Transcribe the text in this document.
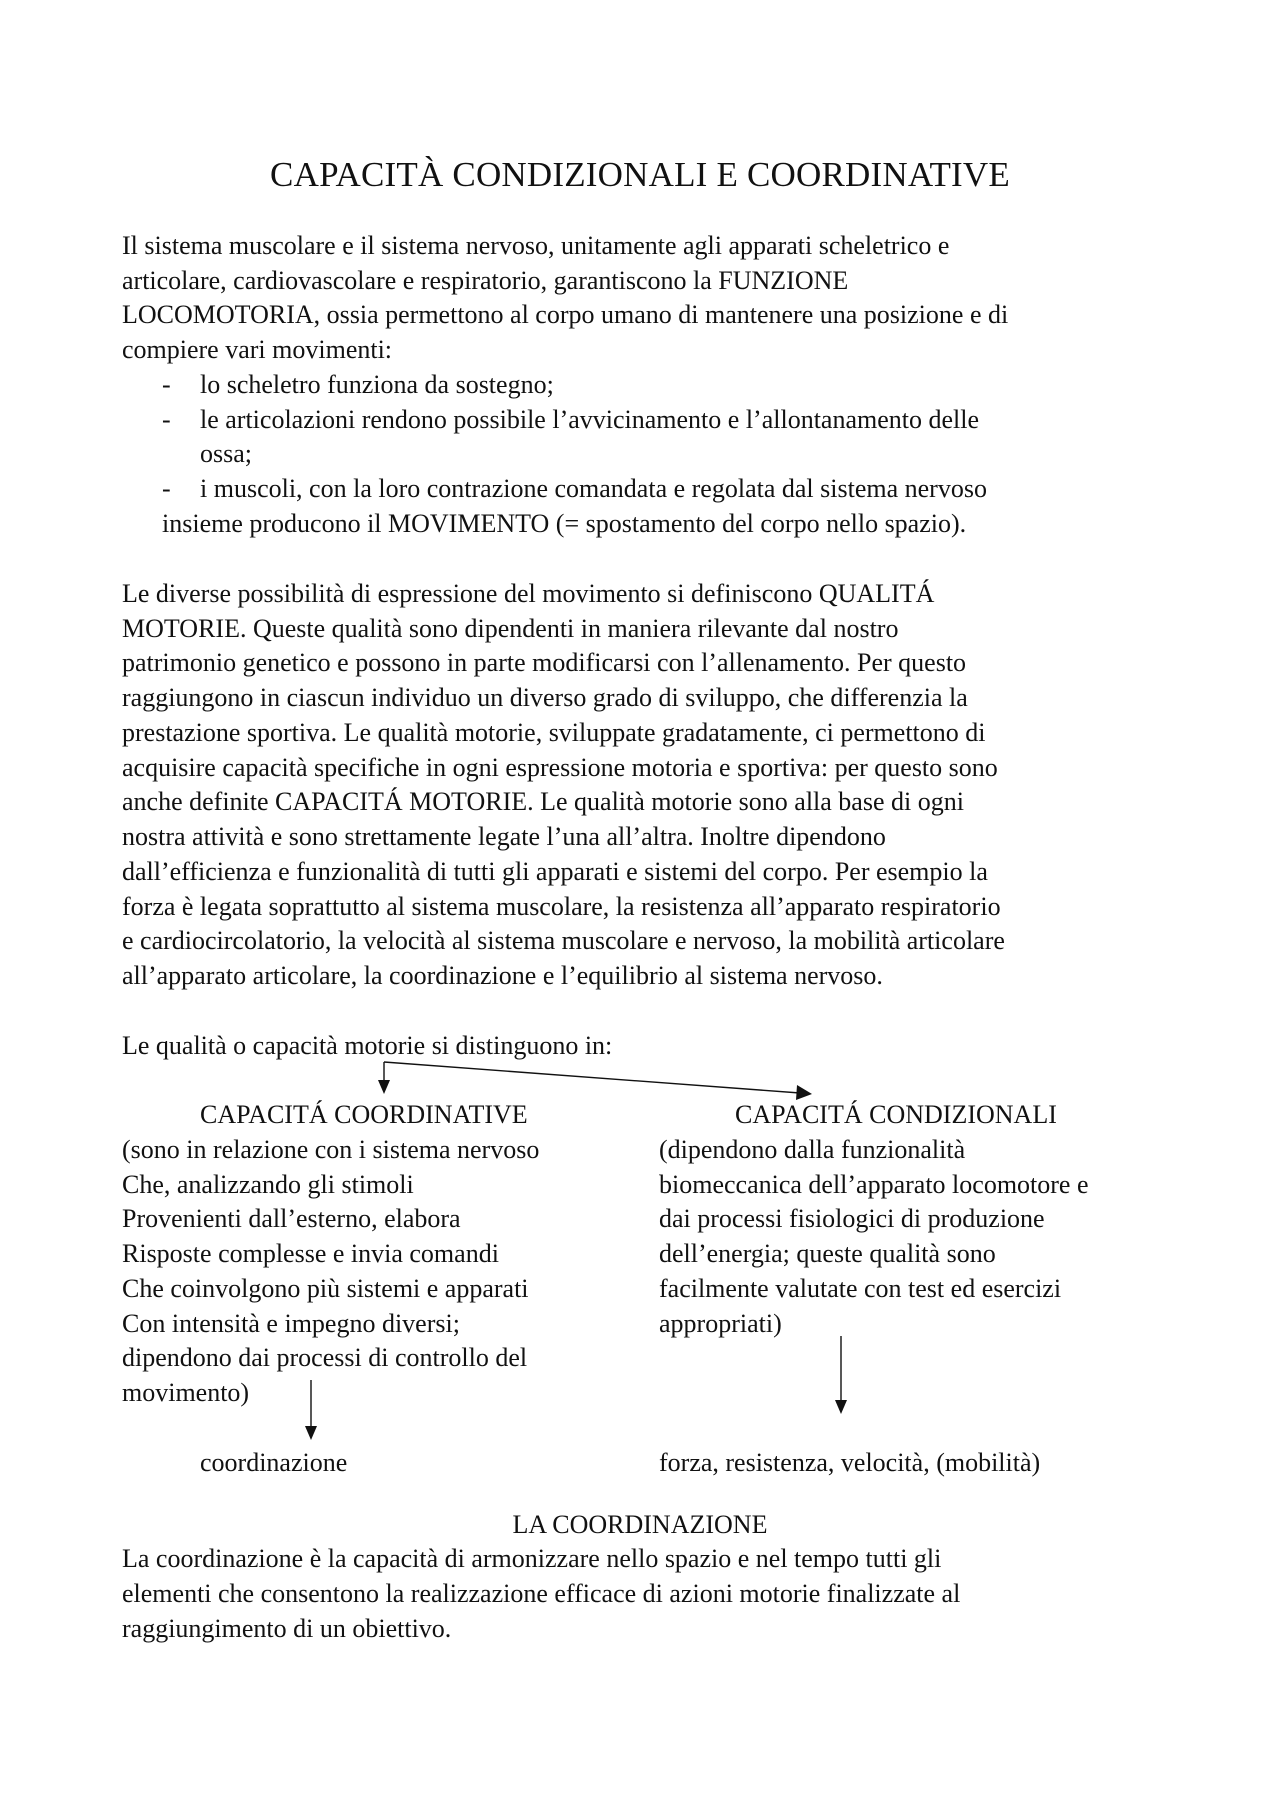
CAPACITÀ CONDIZIONALI E COORDINATIVE
Il sistema muscolare e il sistema nervoso, unitamente agli apparati scheletrico e
articolare, cardiovascolare e respiratorio, garantiscono la FUNZIONE
LOCOMOTORIA, ossia permettono al corpo umano di mantenere una posizione e di
compiere vari movimenti:
- lo scheletro funziona da sostegno;
- le articolazioni rendono possibile l’avvicinamento e l’allontanamento delle
ossa;
- i muscoli, con la loro contrazione comandata e regolata dal sistema nervoso
insieme producono il MOVIMENTO (= spostamento del corpo nello spazio).
Le diverse possibilità di espressione del movimento si definiscono QUALITÁ
MOTORIE. Queste qualità sono dipendenti in maniera rilevante dal nostro
patrimonio genetico e possono in parte modificarsi con l’allenamento. Per questo
raggiungono in ciascun individuo un diverso grado di sviluppo, che differenzia la
prestazione sportiva. Le qualità motorie, sviluppate gradatamente, ci permettono di
acquisire capacità specifiche in ogni espressione motoria e sportiva: per questo sono
anche definite CAPACITÁ MOTORIE. Le qualità motorie sono alla base di ogni
nostra attività e sono strettamente legate l’una all’altra. Inoltre dipendono
dall’efficienza e funzionalità di tutti gli apparati e sistemi del corpo. Per esempio la
forza è legata soprattutto al sistema muscolare, la resistenza all’apparato respiratorio
e cardiocircolatorio, la velocità al sistema muscolare e nervoso, la mobilità articolare
all’apparato articolare, la coordinazione e l’equilibrio al sistema nervoso.
Le qualità o capacità motorie si distinguono in:
CAPACITÁ COORDINATIVE
(sono in relazione con i sistema nervoso
Che, analizzando gli stimoli
Provenienti dall’esterno, elabora
Risposte complesse e invia comandi
Che coinvolgono più sistemi e apparati
Con intensità e impegno diversi;
dipendono dai processi di controllo del
movimento)
coordinazione
CAPACITÁ CONDIZIONALI
(dipendono dalla funzionalità
biomeccanica dell’apparato locomotore e
dai processi fisiologici di produzione
dell’energia; queste qualità sono
facilmente valutate con test ed esercizi
appropriati)
forza, resistenza, velocità, (mobilità)
LA COORDINAZIONE
La coordinazione è la capacità di armonizzare nello spazio e nel tempo tutti gli
elementi che consentono la realizzazione efficace di azioni motorie finalizzate al
raggiungimento di un obiettivo.
